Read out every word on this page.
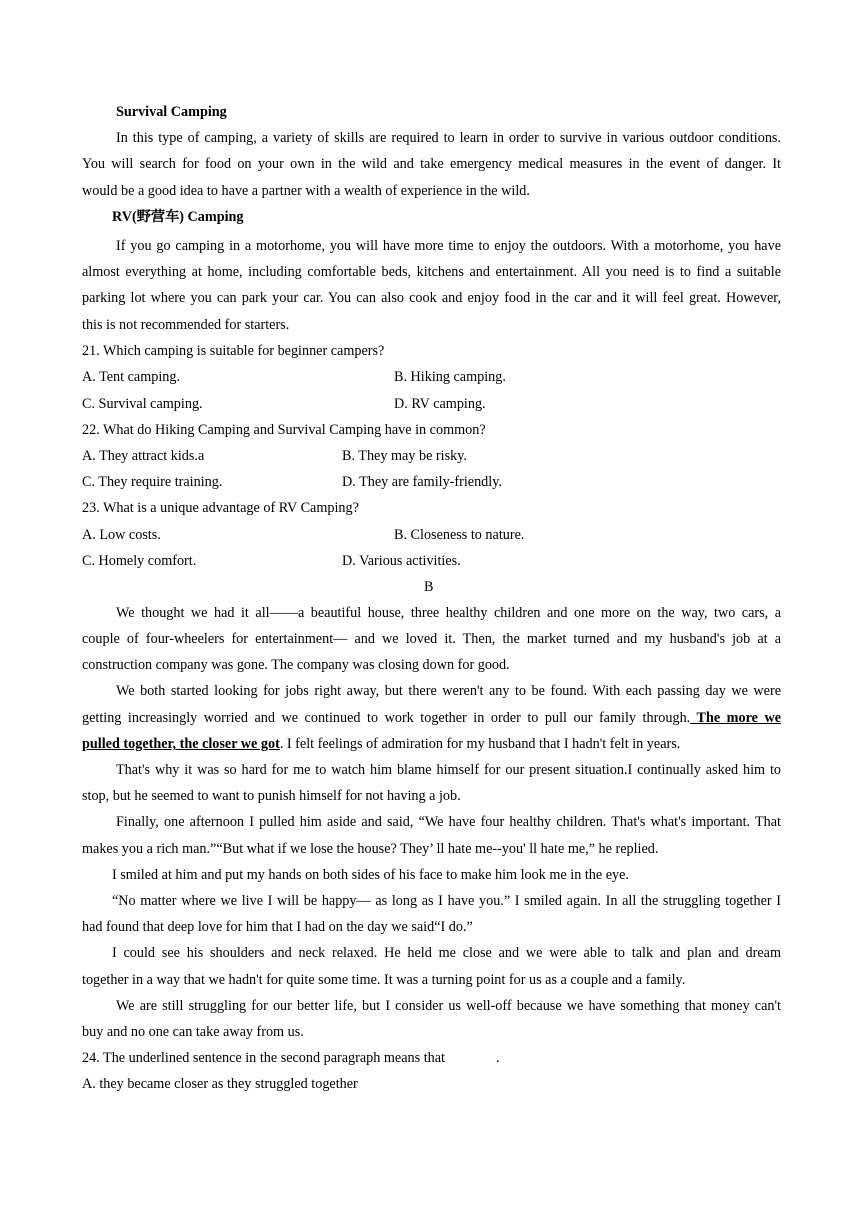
Survival Camping
In this type of camping, a variety of skills are required to learn in order to survive in various outdoor conditions.
You will search for food on your own in the wild and take emergency medical measures in the event of danger. It
would be a good idea to have a partner with a wealth of experience in the wild.
RV(野营车) Camping
If you go camping in a motorhome, you will have more time to enjoy the outdoors. With a motorhome, you have
almost everything at home, including comfortable beds, kitchens and entertainment. All you need is to find a suitable
parking lot where you can park your car. You can also cook and enjoy food in the car and it will feel great. However,
this is not recommended for starters.
21. Which camping is suitable for beginner campers?
A. Tent camping.	B. Hiking camping.
C. Survival camping.	D. RV camping.
22. What do Hiking Camping and Survival Camping have in common?
A. They attract kids.a	B. They may be risky.
C. They require training.	D. They are family-friendly.
23. What is a unique advantage of RV Camping?
A. Low costs.	B. Closeness to nature.
C. Homely comfort.	D. Various activities.
B
We thought we had it all——a beautiful house, three healthy children and one more on the way, two cars, a
couple of four-wheelers for entertainment— and we loved it. Then, the market turned and my husband's job at a
construction company was gone. The company was closing down for good.
We both started looking for jobs right away, but there weren't any to be found. With each passing day we were
getting increasingly worried and we continued to work together in order to pull our family through. The more we
pulled together, the closer we got. I felt feelings of admiration for my husband that I hadn't felt in years.
That's why it was so hard for me to watch him blame himself for our present situation.I continually asked him to
stop, but he seemed to want to punish himself for not having a job.
Finally, one afternoon I pulled him aside and said, “We have four healthy children. That's what's important. That
makes you a rich man.”“But what if we lose the house? They’ ll hate me--you' ll hate me,” he replied.
I smiled at him and put my hands on both sides of his face to make him look me in the eye.
“No matter where we live I will be happy— as long as I have you.” I smiled again. In all the struggling together I
had found that deep love for him that I had on the day we said“I do.”
I could see his shoulders and neck relaxed. He held me close and we were able to talk and plan and dream
together in a way that we hadn't for quite some time. It was a turning point for us as a couple and a family.
We are still struggling for our better life, but I consider us well-off because we have something that money can't
buy and no one can take away from us.
24. The underlined sentence in the second paragraph means that	.
A. they became closer as they struggled together
